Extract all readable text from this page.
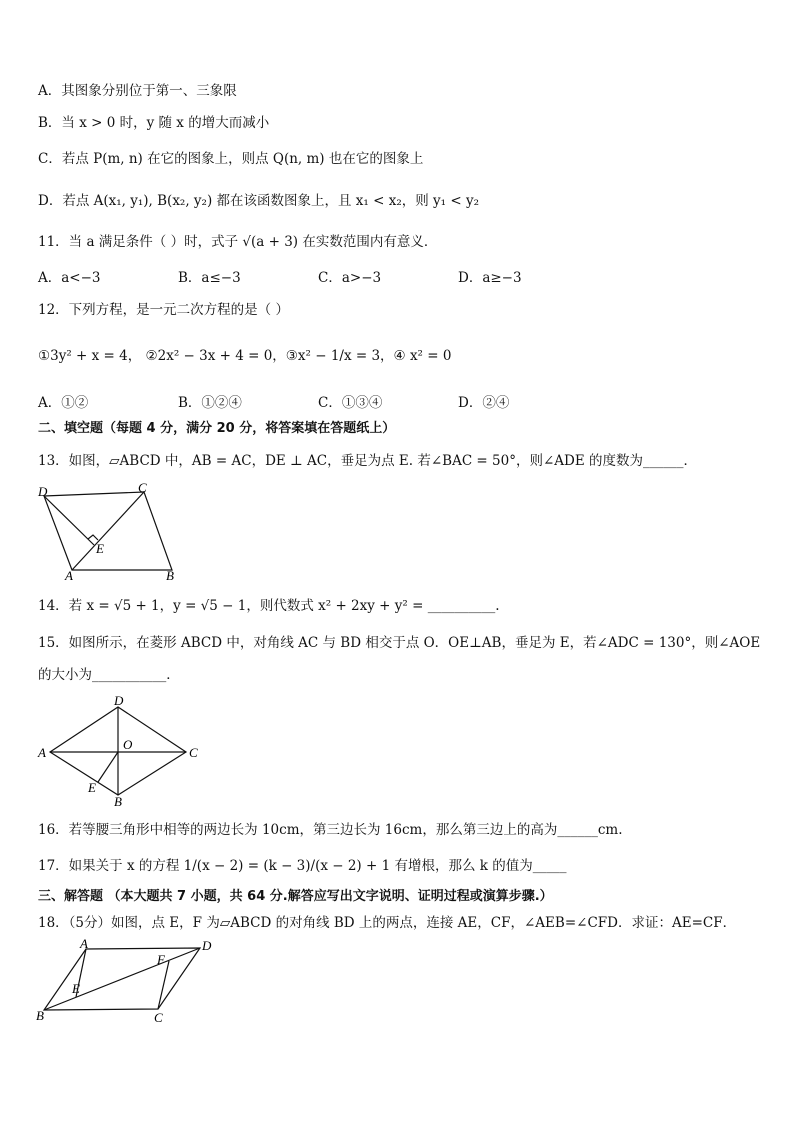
A．其图象分别位于第一、三象限
B．当 x > 0 时，y 随 x 的增大而减小
C．若点 P(m, n) 在它的图象上，则点 Q(n, m) 也在它的图象上
D．若点 A(x₁, y₁), B(x₂, y₂) 都在该函数图象上，且 x₁ < x₂，则 y₁ < y₂
11．当 a 满足条件（ ）时，式子 √(a + 3) 在实数范围内有意义．
A．a<−3	B．a≤−3	C．a>−3	D．a≥−3
12．下列方程，是一元二次方程的是（ ）
①3y² + x = 4， ②2x² − 3x + 4 = 0，③x² − 1/x = 3，④ x² = 0
A．①②	B．①②④	C．①③④	D．②④
二、填空题（每题 4 分，满分 20 分，将答案填在答题纸上）
13．如图，▱ABCD 中，AB = AC，DE ⊥ AC，垂足为点 E. 若∠BAC = 50°，则∠ADE 的度数为______．
D	C
A	B
E
14．若 x = √5 + 1，y = √5 − 1，则代数式 x² + 2xy + y² = __________.
15．如图所示，在菱形 ABCD 中，对角线 AC 与 BD 相交于点 O．OE⊥AB，垂足为 E，若∠ADC = 130°，则∠AOE
的大小为___________．
A
D
C
B
O
E
16．若等腰三角形中相等的两边长为 10cm，第三边长为 16cm，那么第三边上的高为______cm.
17．如果关于 x 的方程 1/(x − 2) = (k − 3)/(x − 2) + 1 有增根，那么 k 的值为_____
三、解答题 （本大题共 7 小题，共 64 分.解答应写出文字说明、证明过程或演算步骤.）
18．（5分）如图，点 E，F 为▱ABCD 的对角线 BD 上的两点，连接 AE，CF，∠AEB=∠CFD．求证：AE=CF．
A	D
B	C
E
F
